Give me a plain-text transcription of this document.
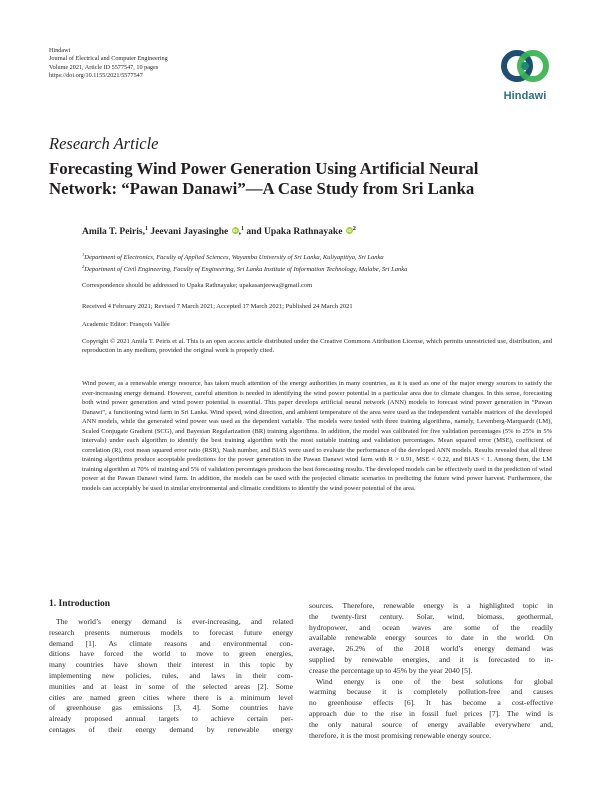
Hindawi
Journal of Electrical and Computer Engineering
Volume 2021, Article ID 5577547, 10 pages
https://doi.org/10.1155/2021/5577547
Hindawi
Research Article
Forecasting Wind Power Generation Using Artificial Neural
Network: “Pawan Danawi”—A Case Study from Sri Lanka
Amila T. Peiris,$^1$ Jeevani Jayasinghe iD,$^1$ and Upaka Rathnayake $iD^2$
$^1$Department of Electronics, Faculty of Applied Sciences, Wayamba University of Sri Lanka, Kuliyapitiya, Sri Lanka
$^2$Department of Civil Engineering, Faculty of Engineering, Sri Lanka Institute of Information Technology, Malabe, Sri Lanka
Correspondence should be addressed to Upaka Rathnayake; upakasanjeewa@gmail.com
Received 4 February 2021; Revised 7 March 2021; Accepted 17 March 2021; Published 24 March 2021
Academic Editor: François Vallée
Copyright © 2021 Amila T. Peiris et al. This is an open access article distributed under the Creative Commons Attribution License, which permits unrestricted use, distribution, and reproduction in any medium, provided the original work is properly cited.
Wind power, as a renewable energy resource, has taken much attention of the energy authorities in many countries, as it is used as one of the major energy sources to satisfy the ever-increasing energy demand. However, careful attention is needed in identifying the wind power potential in a particular area due to climate changes. In this sense, forecasting both wind power generation and wind power potential is essential. This paper develops artificial neural network (ANN) models to forecast wind power generation in “Pawan Danawi”, a functioning wind farm in Sri Lanka. Wind speed, wind direction, and ambient temperature of the area were used as the independent variable matrices of the developed ANN models, while the generated wind power was used as the dependent variable. The models were tested with three training algorithms, namely, Levenberg-Marquardt (LM), Scaled Conjugate Gradient (SCG), and Bayesian Regularization (BR) training algorithms. In addition, the model was calibrated for five validation percentages (5% to 25% in 5% intervals) under each algorithm to identify the best training algorithm with the most suitable training and validation percentages. Mean squared error (MSE), coefficient of correlation (R), root mean squared error ratio (RSR), Nash number, and BIAS were used to evaluate the performance of the developed ANN models. Results revealed that all three training algorithms produce acceptable predictions for the power generation in the Pawan Danawi wind farm with R > 0.91, MSE < 0.22, and BIAS < 1. Among them, the LM training algorithm at 70% of training and 5% of validation percentages produces the best forecasting results. The developed models can be effectively used in the prediction of wind power at the Pawan Danawi wind farm. In addition, the models can be used with the projected climatic scenarios in predicting the future wind power harvest. Furthermore, the models can acceptably be used in similar environmental and climatic conditions to identify the wind power potential of the area.
1. Introduction
The world’s energy demand is ever-increasing, and related
research presents numerous models to forecast future energy
demand [1]. As climate reasons and environmental con-
ditions have forced the world to move to green energies,
many countries have shown their interest in this topic by
implementing new policies, rules, and laws in their com-
munities and at least in some of the selected areas [2]. Some
cities are named green cities where there is a minimum level
of greenhouse gas emissions [3, 4]. Some countries have
already proposed annual targets to achieve certain per-
centages of their energy demand by renewable energy
sources. Therefore, renewable energy is a highlighted topic in
the twenty-first century. Solar, wind, biomass, geothermal,
hydropower, and ocean waves are some of the readily
available renewable energy sources to date in the world. On
average, 26.2% of the 2018 world’s energy demand was
supplied by renewable energies, and it is forecasted to in-
crease the percentage up to 45% by the year 2040 [5].
Wind energy is one of the best solutions for global
warming because it is completely pollution-free and causes
no greenhouse effects [6]. It has become a cost-effective
approach due to the rise in fossil fuel prices [7]. The wind is
the only natural source of energy available everywhere and,
therefore, it is the most promising renewable energy source.
